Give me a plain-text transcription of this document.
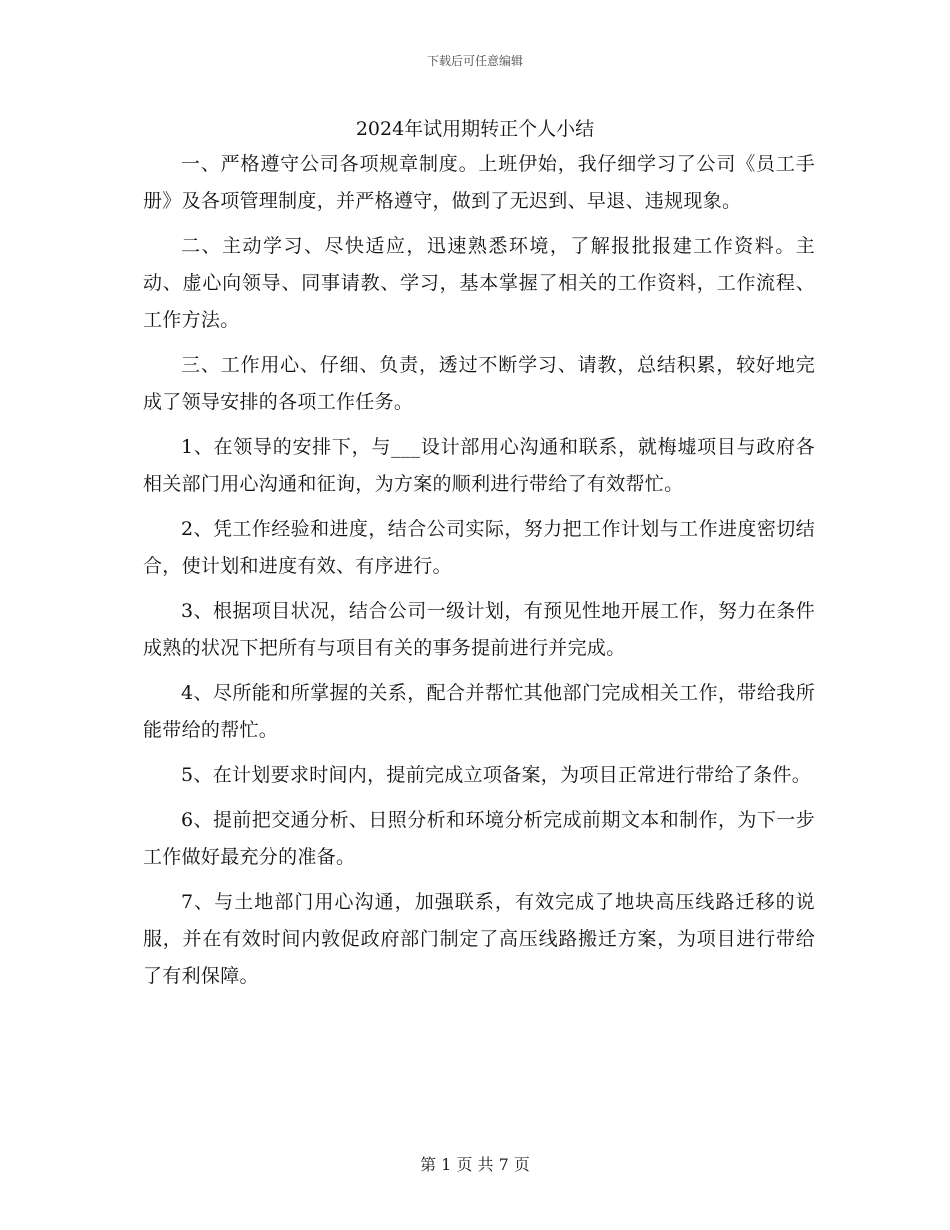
下载后可任意编辑
2024年试用期转正个人小结

一、严格遵守公司各项规章制度。上班伊始，我仔细学习了公司《员工手册》及各项管理制度，并严格遵守，做到了无迟到、早退、违规现象。

二、主动学习、尽快适应，迅速熟悉环境，了解报批报建工作资料。主动、虚心向领导、同事请教、学习，基本掌握了相关的工作资料，工作流程、工作方法。

三、工作用心、仔细、负责，透过不断学习、请教，总结积累，较好地完成了领导安排的各项工作任务。

1、在领导的安排下，与___设计部用心沟通和联系，就梅墟项目与政府各相关部门用心沟通和征询，为方案的顺利进行带给了有效帮忙。

2、凭工作经验和进度，结合公司实际，努力把工作计划与工作进度密切结合，使计划和进度有效、有序进行。

3、根据项目状况，结合公司一级计划，有预见性地开展工作，努力在条件成熟的状况下把所有与项目有关的事务提前进行并完成。

4、尽所能和所掌握的关系，配合并帮忙其他部门完成相关工作，带给我所能带给的帮忙。

5、在计划要求时间内，提前完成立项备案，为项目正常进行带给了条件。

6、提前把交通分析、日照分析和环境分析完成前期文本和制作，为下一步工作做好最充分的准备。

7、与土地部门用心沟通，加强联系，有效完成了地块高压线路迁移的说服，并在有效时间内敦促政府部门制定了高压线路搬迁方案，为项目进行带给了有利保障。

第 1 页 共 7 页
